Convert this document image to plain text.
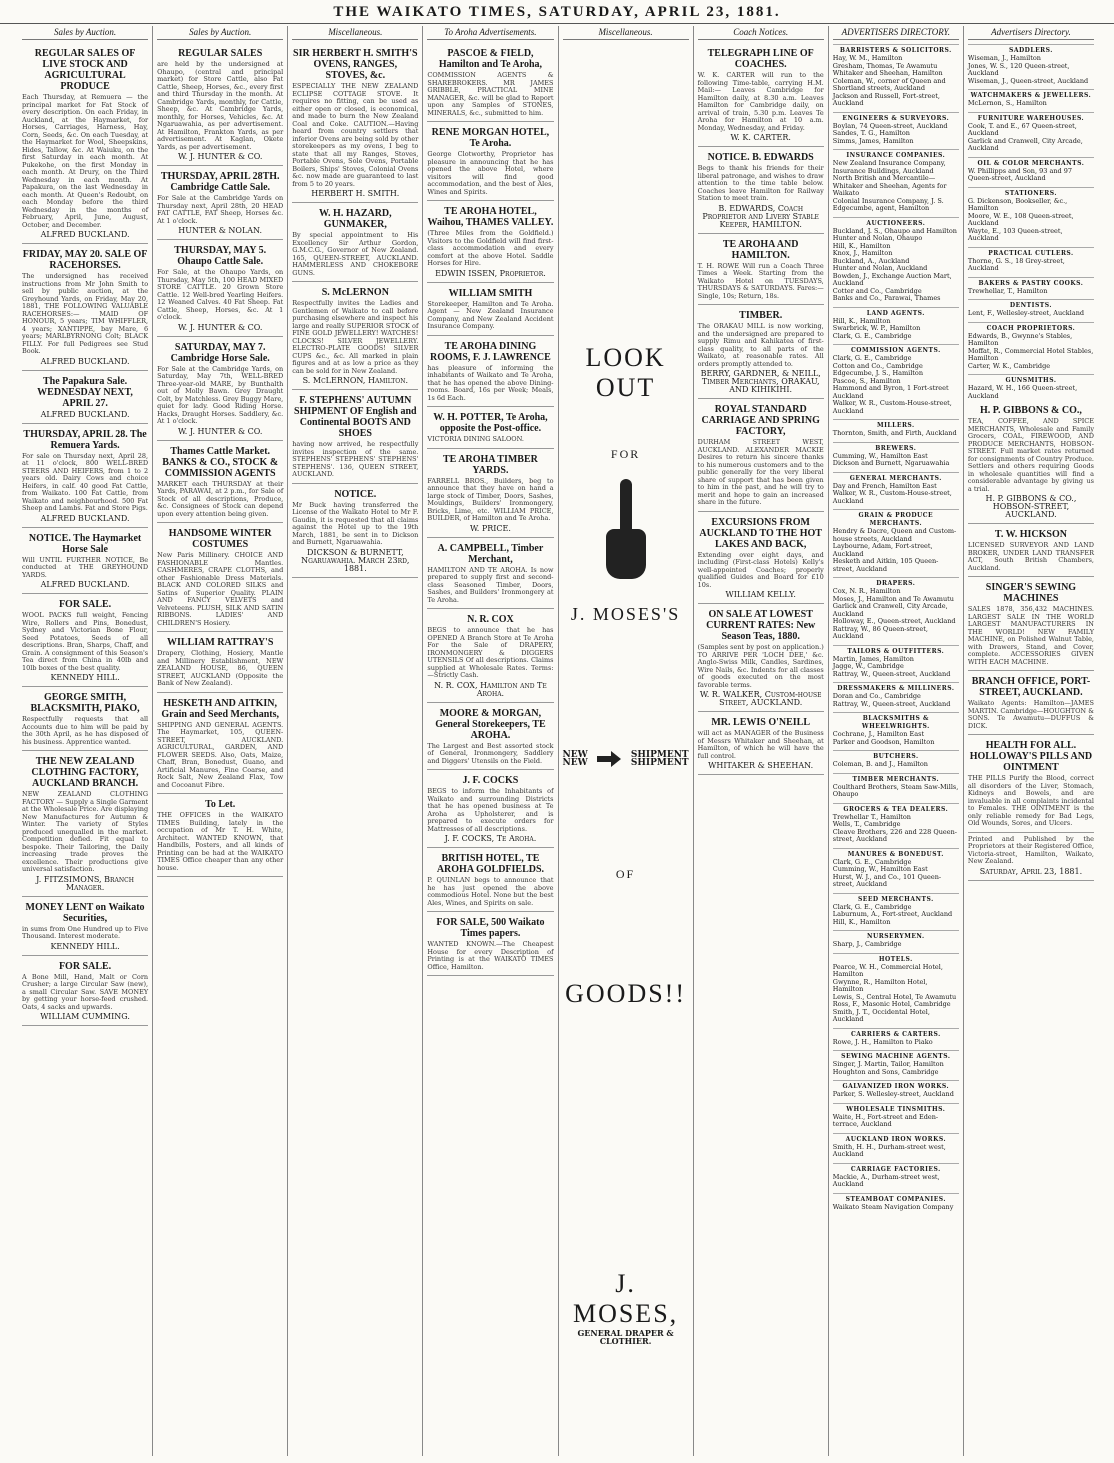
THE WAIKATO TIMES, SATURDAY, APRIL 23, 1881.
Sales by Auction.
REGULAR SALES OF LIVE STOCK AND AGRICULTURAL PRODUCE
Each Thursday, at Remuera — the principal market for Fat Stock of every description. On each Friday, in Auckland, at the Haymarket, for Horses, Carriages, Harness, Hay, Corn, Seeds, &c. On each Tuesday, at the Haymarket for Wool, Sheepskins, Hides, Tallow, &c. At Waiuku, on the first Saturday in each month. At Pukekohe, on the first Monday in each month. At Drury, on the Third Wednesday in each month. At Papakura, on the last Wednesday in each month. At Queen's Redoubt, on each Monday before the third Wednesday in the months of February, April, June, August, October, and December.
ALFRED BUCKLAND.
FRIDAY, MAY 20. SALE OF RACEHORSES.
The undersigned has received instructions from Mr John Smith to sell by public auction, at the Greyhound Yards, on Friday, May 20, 1881, THE FOLLOWING VALUABLE RACEHORSES:— MAID OF HONOUR, 5 years; TIM WHIFFLER, 4 years; XANTIPPE, bay Mare, 6 years; MARLBYRNONG Colt; BLACK FILLY. For full Pedigrees see Stud Book.
ALFRED BUCKLAND.
The Papakura Sale. WEDNESDAY NEXT, APRIL 27.
ALFRED BUCKLAND.
THURSDAY, APRIL 28. The Remuera Yards.
For sale on Thursday next, April 28, at 11 o'clock, 800 WELL-BRED STEERS AND HEIFERS, from 1 to 2 years old. Dairy Cows and choice Heifers, in calf. 40 good Fat Cattle, from Waikato. 100 Fat Cattle, from Waikato and neighbourhood. 500 Fat Sheep and Lambs. Fat and Store Pigs.
ALFRED BUCKLAND.
NOTICE. The Haymarket Horse Sale
Will UNTIL FURTHER NOTICE, Be conducted at THE GREYHOUND YARDS.
ALFRED BUCKLAND.
FOR SALE.
WOOL PACKS full weight, Fencing Wire, Rollers and Pins, Bonedust, Sydney and Victorian Bone Flour, Seed Potatoes, Seeds of all descriptions. Bran, Sharps, Chaff, and Grain. A consignment of this Season's Tea direct from China in 40lb and 10lb boxes of the best quality.
KENNEDY HILL.
GEORGE SMITH, BLACKSMITH, PIAKO,
Respectfully requests that all Accounts due to him will be paid by the 30th April, as he has disposed of his business. Apprentice wanted.
THE NEW ZEALAND CLOTHING FACTORY, AUCKLAND BRANCH.
NEW ZEALAND CLOTHING FACTORY — Supply a Single Garment at the Wholesale Price. Are displaying New Manufactures for Autumn & Winter. The variety of Styles produced unequalled in the market. Competition defied. Fit equal to bespoke. Their Tailoring, the Daily increasing trade proves the excellence. Their productions give universal satisfaction.
J. FITZSIMONS, Branch Manager.
MONEY LENT on Waikato Securities,
in sums from One Hundred up to Five Thousand. Interest moderate.
KENNEDY HILL.
FOR SALE.
A Bone Mill, Hand, Malt or Corn Crusher; a large Circular Saw (new), a small Circular Saw. SAVE MONEY by getting your horse-feed crushed. Oats, 4 sacks and upwards.
WILLIAM CUMMING.
Sales by Auction.
REGULAR SALES
are held by the undersigned at Ohaupo, (central and principal market) for Store Cattle, also Fat Cattle, Sheep, Horses, &c., every first and third Thursday in the month. At Cambridge Yards, monthly, for Cattle, Sheep, &c. At Cambridge Yards, monthly, for Horses, Vehicles, &c. At Ngaruawahia, as per advertisement. At Hamilton, Frankton Yards, as per advertisement. At Kaglan, Okete Yards, as per advertisement.
W. J. HUNTER & CO.
THURSDAY, APRIL 28TH. Cambridge Cattle Sale.
For Sale at the Cambridge Yards on Thursday next, April 28th, 20 HEAD FAT CATTLE, FAT Sheep, Horses &c. At 1 o'clock.
HUNTER & NOLAN.
THURSDAY, MAY 5. Ohaupo Cattle Sale.
For Sale, at the Ohaupo Yards, on Thursday, May 5th, 100 HEAD MIXED STORE CATTLE. 20 Grown Store Cattle. 12 Well-bred Yearling Heifers. 12 Weaned Calves. 40 Fat Sheep. Fat Cattle, Sheep, Horses, &c. At 1 o'clock.
W. J. HUNTER & CO.
SATURDAY, MAY 7. Cambridge Horse Sale.
For Sale at the Cambridge Yards, on Saturday, May 7th, WELL-BRED Three-year-old MARE, by Bunthalth out of Molly Bawn. Grey Draught Colt, by Matchless. Grey Buggy Mare, quiet for lady. Good Riding Horse. Hacks, Draught Horses. Saddlery, &c. At 1 o'clock.
W. J. HUNTER & CO.
Thames Cattle Market. BANKS & CO., STOCK & COMMISSION AGENTS
MARKET each THURSDAY at their Yards, PARAWAI, at 2 p.m., for Sale of Stock of all descriptions, Produce, &c. Consignees of Stock can depend upon every attention being given.
HANDSOME WINTER COSTUMES
New Paris Millinery. CHOICE AND FASHIONABLE Mantles. CASHMERES, CRAPE CLOTHS, and other Fashionable Dress Materials. BLACK AND COLORED SILKS and Satins of Superior Quality. PLAIN AND FANCY VELVETS and Velveteens. PLUSH, SILK AND SATIN RIBBONS. LADIES' AND CHILDREN'S Hosiery.
WILLIAM RATTRAY'S
Drapery, Clothing, Hosiery, Mantle and Millinery Establishment, NEW ZEALAND HOUSE, 86, QUEEN STREET, AUCKLAND (Opposite the Bank of New Zealand).
HESKETH AND AITKIN, Grain and Seed Merchants,
SHIPPING AND GENERAL AGENTS. The Haymarket, 105, QUEEN-STREET, AUCKLAND. AGRICULTURAL, GARDEN, AND FLOWER SEEDS. Also, Oats, Maize, Chaff, Bran, Bonedust, Guano, and Artificial Manures, Fine Coarse, and Rock Salt, New Zealand Flax, Tow and Cocoanut Fibre.
To Let.
THE OFFICES in the WAIKATO TIMES Building, lately in the occupation of Mr T. H. White, Architect. WANTED KNOWN, that Handbills, Posters, and all kinds of Printing can be had at the WAIKATO TIMES Office cheaper than any other house.
Miscellaneous.
SIR HERBERT H. SMITH'S OVENS, RANGES, STOVES, &c.
ESPECIALLY THE NEW ZEALAND ECLIPSE COTTAGE STOVE. It requires no fitting, can be used as either open or closed, is economical, and made to burn the New Zealand Coal and Coke. CAUTION.—Having heard from country settlers that inferior Ovens are being sold by other storekeepers as my ovens, I beg to state that all my Ranges, Stoves, Portable Ovens, Sole Ovens, Portable Boilers, Ships' Stoves, Colonial Ovens &c. now made are guaranteed to last from 5 to 20 years.
HERBERT H. SMITH.
W. H. HAZARD, GUNMAKER,
By special appointment to His Excellency Sir Arthur Gordon, G.M.C.G., Governor of New Zealand. 165, QUEEN-STREET, AUCKLAND. HAMMERLESS AND CHOKEBORE GUNS.
S. McLERNON
Respectfully invites the Ladies and Gentlemen of Waikato to call before purchasing elsewhere and inspect his large and really SUPERIOR STOCK of FINE GOLD JEWELLERY! WATCHES! CLOCKS! SILVER JEWELLERY. ELECTRO-PLATE GOODS! SILVER CUPS &c., &c. All marked in plain figures and at as low a price as they can be sold for in New Zealand.
S. McLERNON, Hamilton.
F. STEPHENS' AUTUMN SHIPMENT OF English and Continental BOOTS AND SHOES
having now arrived, he respectfully invites inspection of the same. STEPHENS' STEPHENS' STEPHENS' STEPHENS'. 136, QUEEN STREET, AUCKLAND.
NOTICE.
Mr Buck having transferred the License of the Waikato Hotel to Mr F. Gaudin, it is requested that all claims against the Hotel up to the 19th March, 1881, be sent in to Dickson and Burnett, Ngaruawahia.
DICKSON & BURNETT, Ngaruawahia. March 23rd, 1881.
To Aroha Advertisements.
PASCOE & FIELD, Hamilton and Te Aroha,
COMMISSION AGENTS & SHAREBROKERS. MR JAMES GRIBBLE, PRACTICAL MINE MANAGER, &c. will be glad to Report upon any Samples of STONES, MINERALS, &c., submitted to him.
RENE MORGAN HOTEL, Te Aroha.
George Clotworthy, Proprietor has pleasure in announcing that he has opened the above Hotel, where visitors will find good accommodation, and the best of Ales, Wines and Spirits.
TE AROHA HOTEL, Waihou, THAMES VALLEY.
(Three Miles from the Goldfield.) Visitors to the Goldfield will find first-class accommodation and every comfort at the above Hotel. Saddle Horses for Hire.
EDWIN ISSEN, Proprietor.
WILLIAM SMITH
Storekeeper, Hamilton and Te Aroha. Agent — New Zealand Insurance Company, and New Zealand Accident Insurance Company.
TE AROHA DINING ROOMS, F. J. LAWRENCE
has pleasure of informing the inhabitants of Waikato and Te Aroha, that he has opened the above Dining-rooms. Board, 16s per Week; Meals, 1s 6d Each.
W. H. POTTER, Te Aroha, opposite the Post-office.
VICTORIA DINING SALOON.
TE AROHA TIMBER YARDS.
FARRELL BROS., Builders, beg to announce that they have on hand a large stock of Timber, Doors, Sashes, Mouldings, Builders' Ironmongery, Bricks, Lime, etc. WILLIAM PRICE, BUILDER, of Hamilton and Te Aroha.
W. PRICE.
A. CAMPBELL, Timber Merchant,
HAMILTON AND TE AROHA. Is now prepared to supply first and second-class Seasoned Timber, Doors, Sashes, and Builders' Ironmongery at Te Aroha.
N. R. COX
BEGS to announce that he has OPENED A Branch Store at Te Aroha For the Sale of DRAPERY, IRONMONGERY & DIGGERS UTENSILS Of all descriptions. Claims supplied at Wholesale Rates. Terms:—Strictly Cash.
N. R. COX, Hamilton and Te Aroha.
MOORE & MORGAN, General Storekeepers, TE AROHA.
The Largest and Best assorted stock of General, Ironmongery, Saddlery and Diggers' Utensils on the Field.
J. F. COCKS
BEGS to inform the Inhabitants of Waikato and surrounding Districts that he has opened business at Te Aroha as Upholsterer, and is prepared to execute orders for Mattresses of all descriptions.
J. F. COCKS, Te Aroha.
BRITISH HOTEL, TE AROHA GOLDFIELDS.
P. QUINLAN begs to announce that he has just opened the above commodious Hotel. None but the best Ales, Wines, and Spirits on sale.
FOR SALE, 500 Waikato Times papers.
WANTED KNOWN.—The Cheapest House for every Description of Printing is at the WAIKATO TIMES Office, Hamilton.
Miscellaneous.
LOOK OUT
FOR
J. MOSES'S
NEW
NEW
SHIPMENT
SHIPMENT
OF
GOODS!!
J. MOSES,
GENERAL DRAPER & CLOTHIER.
Coach Notices.
TELEGRAPH LINE OF COACHES.
W. K. CARTER will run to the following Time-table, carrying H.M. Mail:— Leaves Cambridge for Hamilton daily, at 8.30 a.m. Leaves Hamilton for Cambridge daily, on arrival of train, 5.30 p.m. Leaves Te Aroha for Hamilton at 10 a.m. Monday, Wednesday, and Friday.
W. K. CARTER.
NOTICE. B. EDWARDS
Begs to thank his friends for their liberal patronage, and wishes to draw attention to the time table below. Coaches leave Hamilton for Railway Station to meet train.
B. EDWARDS, Coach Proprietor and Livery Stable Keeper, HAMILTON.
TE AROHA AND HAMILTON.
T. H. ROWE Will run a Coach Three Times a Week. Starting from the Waikato Hotel on TUESDAYS, THURSDAYS & SATURDAYS. Fares:—Single, 10s; Return, 18s.
TIMBER.
The ORAKAU MILL is now working, and the undersigned are prepared to supply Rimu and Kahikatea of first-class quality, to all parts of the Waikato, at reasonable rates. All orders promptly attended to.
BERRY, GARDNER, & NEILL, Timber Merchants, ORAKAU, AND KIHIKIHI.
ROYAL STANDARD CARRIAGE AND SPRING FACTORY,
DURHAM STREET WEST, AUCKLAND. ALEXANDER MACKIE Desires to return his sincere thanks to his numerous customers and to the public generally for the very liberal share of support that has been given to him in the past, and he will try to merit and hope to gain an increased share in the future.
EXCURSIONS FROM AUCKLAND TO THE HOT LAKES AND BACK,
Extending over eight days, and including (First-class Hotels) Kelly's well-appointed Coaches; properly qualified Guides and Board for £10 10s.
WILLIAM KELLY.
ON SALE AT LOWEST CURRENT RATES: New Season Teas, 1880.
(Samples sent by post on application.) TO ARRIVE PER 'LOCH DEE,' &c. Anglo-Swiss Milk, Candles, Sardines, Wire Nails, &c. Indents for all classes of goods executed on the most favorable terms.
W. R. WALKER, Custom-house Street, AUCKLAND.
MR. LEWIS O'NEILL
will act as MANAGER of the Business of Messrs Whitaker and Sheehan, at Hamilton, of which he will have the full control.
WHITAKER & SHEEHAN.
ADVERTISERS DIRECTORY.
BARRISTERS & SOLICITORS.
Hay, W. M., Hamilton
Gresham, Thomas, Te Awamutu
Whitaker and Sheehan, Hamilton
Coleman, W., corner of Queen and Shortland streets, Auckland
Jackson and Russell, Fort-street, Auckland
ENGINEERS & SURVEYORS.
Boylan, 74 Queen-street, Auckland
Sandes, T. G., Hamilton
Simms, James, Hamilton
INSURANCE COMPANIES.
New Zealand Insurance Company, Insurance Buildings, Auckland
North British and Mercantile—Whitaker and Sheehan, Agents for Waikato
Colonial Insurance Company, J. S. Edgecumbe, agent, Hamilton
AUCTIONEERS.
Buckland, J. S., Ohaupo and Hamilton
Hunter and Nolan, Ohaupo
Hill, K., Hamilton
Knox, J., Hamilton
Buckland, A., Auckland
Hunter and Nolan, Auckland
Bowden, J., Exchange Auction Mart, Auckland
Cotter and Co., Cambridge
Banks and Co., Parawai, Thames
LAND AGENTS.
Hill, K., Hamilton
Swarbrick, W. P., Hamilton
Clark, G. E., Cambridge
COMMISSION AGENTS.
Clark, G. E., Cambridge
Cotton and Co., Cambridge
Edgecumbe, J. S., Hamilton
Pascoe, S., Hamilton
Hammond and Byron, 1 Fort-street Auckland
Walker, W. R., Custom-House-street, Auckland
MILLERS.
Thornton, Smith, and Firth, Auckland
BREWERS.
Cumming, W., Hamilton East
Dickson and Burnett, Ngaruawahia
GENERAL MERCHANTS.
Day and French, Hamilton East
Walker, W. R., Custom-House-street, Auckland
GRAIN & PRODUCE MERCHANTS.
Hendry & Dacre, Queen and Custom-house streets, Auckland
Laybourne, Adam, Fort-street, Auckland
Hesketh and Aitkin, 105 Queen-street, Auckland
DRAPERS.
Cox, N. R., Hamilton
Moses, J., Hamilton and Te Awamutu
Garlick and Cranwell, City Arcade, Auckland
Holloway, E., Queen-street, Auckland
Rattray, W., 86 Queen-street, Auckland
TAILORS & OUTFITTERS.
Martin, James, Hamilton
Jagge, W., Cambridge
Rattray, W., Queen-street, Auckland
DRESSMAKERS & MILLINERS.
Doran and Co., Cambridge
Rattray, W., Queen-street, Auckland
BLACKSMITHS & WHEELWRIGHTS.
Cochrane, J., Hamilton East
Parker and Goodson, Hamilton
BUTCHERS.
Coleman, B. and J., Hamilton
TIMBER MERCHANTS.
Coulthard Brothers, Steam Saw-Mills, Ohaupo
GROCERS & TEA DEALERS.
Trewhellar T., Hamilton
Wells, T., Cambridge
Cleave Brothers, 226 and 228 Queen-street, Auckland
MANURES & BONEDUST.
Clark, G. E., Cambridge
Cumming, W., Hamilton East
Hurst, W. J., and Co., 101 Queen-street, Auckland
SEED MERCHANTS.
Clark, G. E., Cambridge
Laburnum, A., Fort-street, Auckland
Hill, K., Hamilton
NURSERYMEN.
Sharp, J., Cambridge
HOTELS.
Pearce, W. H., Commercial Hotel, Hamilton
Gwynne, R., Hamilton Hotel, Hamilton
Lewis, S., Central Hotel, Te Awamutu
Ross, F., Masonic Hotel, Cambridge
Smith, J. T., Occidental Hotel, Auckland
CARRIERS & CARTERS.
Rowe, J. H., Hamilton to Piako
SEWING MACHINE AGENTS.
Singer, J. Martin, Tailor, Hamilton
Houghton and Sons, Cambridge
GALVANIZED IRON WORKS.
Parker, S. Wellesley-street, Auckland
WHOLESALE TINSMITHS.
Waite, H., Fort-street and Eden-terrace, Auckland
AUCKLAND IRON WORKS.
Smith, H. H., Durham-street west, Auckland
CARRIAGE FACTORIES.
Mackie, A., Durham-street west, Auckland
STEAMBOAT COMPANIES.
Waikato Steam Navigation Company
Advertisers Directory.
SADDLERS.
Wiseman, J., Hamilton
Jones, W. S., 120 Queen-street, Auckland
Wiseman, J., Queen-street, Auckland
WATCHMAKERS & JEWELLERS.
McLernon, S., Hamilton
FURNITURE WAREHOUSES.
Cook, T. and E., 67 Queen-street, Auckland
Garlick and Cranwell, City Arcade, Auckland
OIL & COLOR MERCHANTS.
W. Phillipps and Son, 93 and 97 Queen-street, Auckland
STATIONERS.
G. Dickenson, Bookseller, &c., Hamilton
Moore, W. E., 108 Queen-street, Auckland
Wayte, E., 103 Queen-street, Auckland
PRACTICAL CUTLERS.
Thorne, G. S., 18 Grey-street, Auckland
BAKERS & PASTRY COOKS.
Trewhellar, T., Hamilton
DENTISTS.
Lent, F., Wellesley-street, Auckland
COACH PROPRIETORS.
Edwards, B., Gwynne's Stables, Hamilton
Moffat, R., Commercial Hotel Stables, Hamilton
Carter, W. K., Cambridge
GUNSMITHS.
Hazard, W. H., 166 Queen-street, Auckland
H. P. GIBBONS & CO.,
TEA, COFFEE, AND SPICE MERCHANTS, Wholesale and Family Grocers, COAL, FIREWOOD, AND PRODUCE MERCHANTS, HOBSON-STREET. Full market rates returned for consignments of Country Produce. Settlers and others requiring Goods in wholesale quantities will find a considerable advantage by giving us a trial.
H. P. GIBBONS & CO., HOBSON-STREET, AUCKLAND.
T. W. HICKSON
LICENSED SURVEYOR AND LAND BROKER, UNDER LAND TRANSFER ACT, South British Chambers, Auckland.
SINGER'S SEWING MACHINES
SALES 1878, 356,432 MACHINES. LARGEST SALE IN THE WORLD LARGEST MANUFACTURERS IN THE WORLD! NEW FAMILY MACHINE, on Polished Walnut Table, with Drawers, Stand, and Cover, complete. ACCESSORIES GIVEN WITH EACH MACHINE.
BRANCH OFFICE, PORT-STREET, AUCKLAND.
Waikato Agents: Hamilton—JAMES MARTIN. Cambridge—HOUGHTON & SONS. Te Awamutu—DUFFUS & DICK.
HEALTH FOR ALL. HOLLOWAY'S PILLS AND OINTMENT
THE PILLS Purify the Blood, correct all disorders of the Liver, Stomach, Kidneys and Bowels, and are invaluable in all complaints incidental to Females. THE OINTMENT is the only reliable remedy for Bad Legs, Old Wounds, Sores, and Ulcers.
Printed and Published by the Proprietors at their Registered Office, Victoria-street, Hamilton, Waikato, New Zealand.
Saturday, April 23, 1881.
